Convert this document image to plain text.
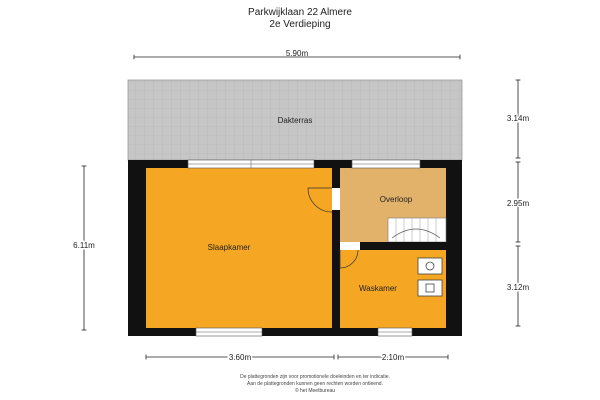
Parkwijklaan 22 Almere
2e Verdieping
Dakterras
Slaapkamer
Overloop
Waskamer
5.90m
3.14m
2.95m
3.12m
6.11m
3.60m	2.10m
De plattegronden zijn voor promotionele doeleinden en ter indicatie.
Aan de plattegronden kunnen geen rechten worden ontleend.
© het Meetbureau
